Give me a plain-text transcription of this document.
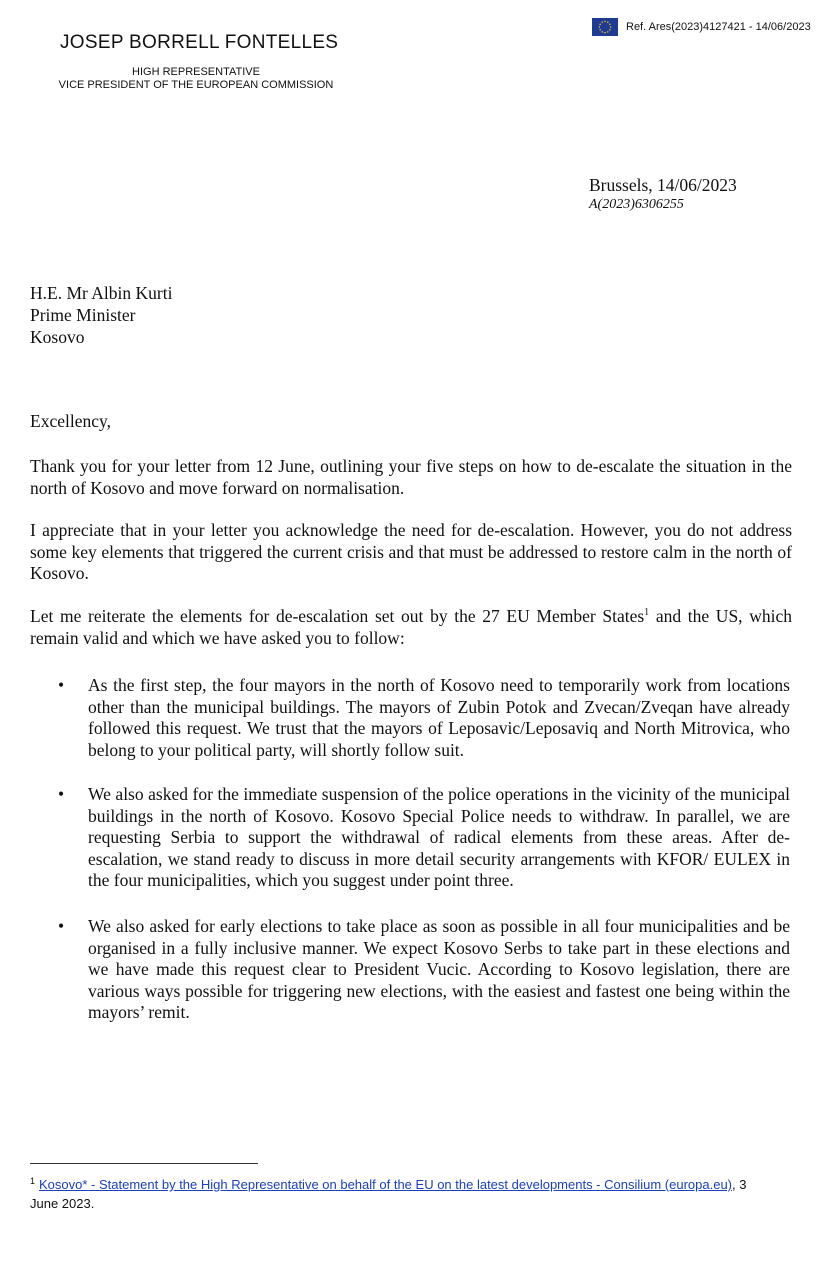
JOSEP BORRELL FONTELLES
HIGH REPRESENTATIVE
VICE PRESIDENT OF THE EUROPEAN COMMISSION
Ref. Ares(2023)4127421 - 14/06/2023
Brussels, 14/06/2023
A(2023)6306255
H.E. Mr Albin Kurti
Prime Minister
Kosovo
Excellency,
Thank you for your letter from 12 June, outlining your five steps on how to de-escalate the situation in the north of Kosovo and move forward on normalisation.
I appreciate that in your letter you acknowledge the need for de-escalation. However, you do not address some key elements that triggered the current crisis and that must be addressed to restore calm in the north of Kosovo.
Let me reiterate the elements for de-escalation set out by the 27 EU Member States$^1$ and the US, which remain valid and which we have asked you to follow:
• As the first step, the four mayors in the north of Kosovo need to temporarily work from locations other than the municipal buildings. The mayors of Zubin Potok and Zvecan/Zveqan have already followed this request. We trust that the mayors of Leposavic/Leposaviq and North Mitrovica, who belong to your political party, will shortly follow suit.
• We also asked for the immediate suspension of the police operations in the vicinity of the municipal buildings in the north of Kosovo. Kosovo Special Police needs to withdraw. In parallel, we are requesting Serbia to support the withdrawal of radical elements from these areas. After de-escalation, we stand ready to discuss in more detail security arrangements with KFOR/ EULEX in the four municipalities, which you suggest under point three.
• We also asked for early elections to take place as soon as possible in all four municipalities and be organised in a fully inclusive manner. We expect Kosovo Serbs to take part in these elections and we have made this request clear to President Vucic. According to Kosovo legislation, there are various ways possible for triggering new elections, with the easiest and fastest one being within the mayors’ remit.
$^1$ Kosovo* - Statement by the High Representative on behalf of the EU on the latest developments - Consilium (europa.eu), 3 June 2023.
